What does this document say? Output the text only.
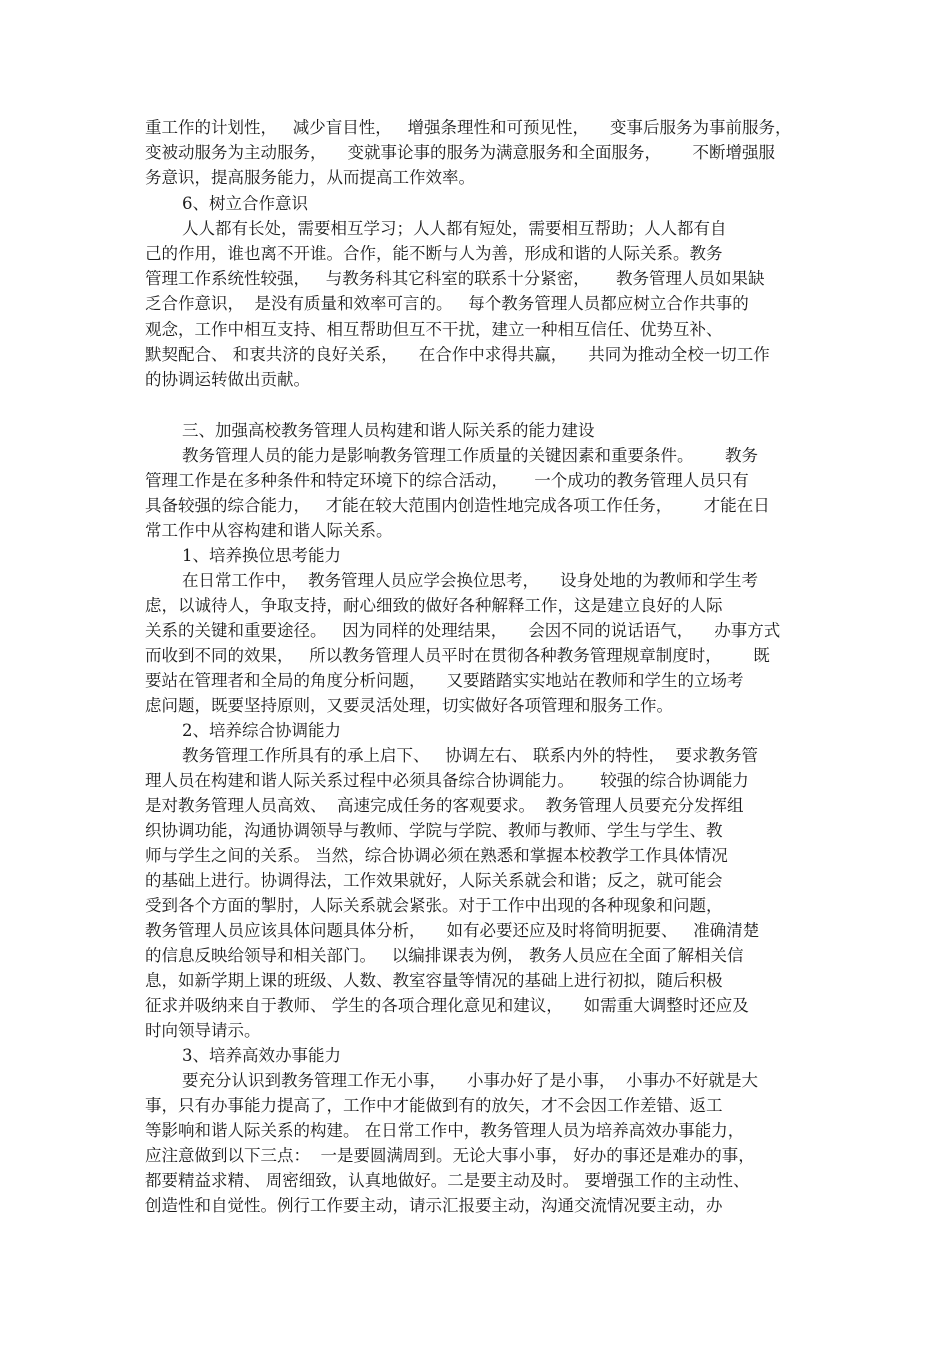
重工作的计划性，   减少盲目性，   增强条理性和可预见性，    变事后服务为事前服务，
变被动服务为主动服务，    变就事论事的服务为满意服务和全面服务，      不断增强服
务意识，提高服务能力，从而提高工作效率。
6、树立合作意识
人人都有长处，需要相互学习；人人都有短处，需要相互帮助；人人都有自
己的作用，谁也离不开谁。合作，能不断与人为善，形成和谐的人际关系。教务
管理工作系统性较强，   与教务科其它科室的联系十分紧密，     教务管理人员如果缺
乏合作意识，  是没有质量和效率可言的。   每个教务管理人员都应树立合作共事的
观念，工作中相互支持、相互帮助但互不干扰，建立一种相互信任、优势互补、
默契配合、 和衷共济的良好关系，    在合作中求得共赢，    共同为推动全校一切工作
的协调运转做出贡献。
三、加强高校教务管理人员构建和谐人际关系的能力建设
教务管理人员的能力是影响教务管理工作质量的关键因素和重要条件。      教务
管理工作是在多种条件和特定环境下的综合活动，     一个成功的教务管理人员只有
具备较强的综合能力，   才能在较大范围内创造性地完成各项工作任务，      才能在日
常工作中从容构建和谐人际关系。
1、培养换位思考能力
在日常工作中，  教务管理人员应学会换位思考，    设身处地的为教师和学生考
虑，以诚待人，争取支持，耐心细致的做好各种解释工作，这是建立良好的人际
关系的关键和重要途径。   因为同样的处理结果，    会因不同的说话语气，    办事方式
而收到不同的效果，   所以教务管理人员平时在贯彻各种教务管理规章制度时，      既
要站在管理者和全局的角度分析问题，    又要踏踏实实地站在教师和学生的立场考
虑问题，既要坚持原则，又要灵活处理，切实做好各项管理和服务工作。
2、培养综合协调能力
教务管理工作所具有的承上启下、   协调左右、 联系内外的特性，  要求教务管
理人员在构建和谐人际关系过程中必须具备综合协调能力。     较强的综合协调能力
是对教务管理人员高效、  高速完成任务的客观要求。  教务管理人员要充分发挥组
织协调功能，沟通协调领导与教师、学院与学院、教师与教师、学生与学生、教
师与学生之间的关系。 当然，综合协调必须在熟悉和掌握本校教学工作具体情况
的基础上进行。协调得法，工作效果就好，人际关系就会和谐；反之，就可能会
受到各个方面的掣肘，人际关系就会紧张。对于工作中出现的各种现象和问题，
教务管理人员应该具体问题具体分析，    如有必要还应及时将简明扼要、   准确清楚
的信息反映给领导和相关部门。   以编排课表为例， 教务人员应在全面了解相关信
息，如新学期上课的班级、人数、教室容量等情况的基础上进行初拟，随后积极
征求并吸纳来自于教师、 学生的各项合理化意见和建议，    如需重大调整时还应及
时向领导请示。
3、培养高效办事能力
要充分认识到教务管理工作无小事，    小事办好了是小事，  小事办不好就是大
事，只有办事能力提高了，工作中才能做到有的放矢，才不会因工作差错、返工
等影响和谐人际关系的构建。 在日常工作中，教务管理人员为培养高效办事能力，
应注意做到以下三点：  一是要圆满周到。无论大事小事， 好办的事还是难办的事，
都要精益求精、 周密细致，认真地做好。二是要主动及时。 要增强工作的主动性、
创造性和自觉性。例行工作要主动，请示汇报要主动，沟通交流情况要主动，办
